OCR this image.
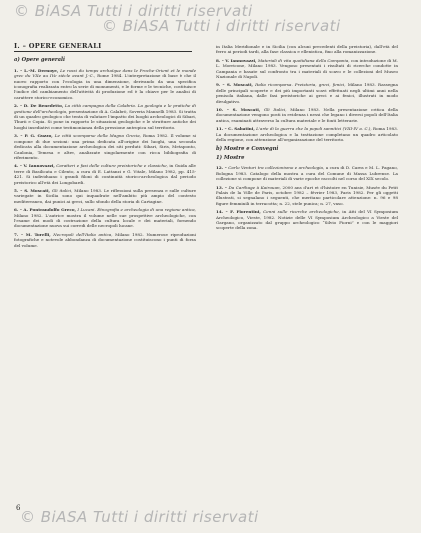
© BiASA Tutti i diritti riservati
© BiASA Tutti i diritti riservati
I. – OPERE GENERALI
a) Opere generali
1. – L.-M. Dernoye, Le rossi du temps archaïque dans le Proche-Orient et le monde grec du VIIe au IVe siècle avant J.-C., Rome 1984. L'interpretazione di base è che il nuovo rapporto con l'ecologia in una dimensione, derivando da una specifica iconografia realizzata entro la serie di monumenti, e le forme e le tecniche, costituisce l'indice del cambiamento dell'attività di produzione ed è la chiave per le analisi di carattere storico-economico.
2. – D. De Benedetto, La città campagna della Calabria. La geologia e le pratiche di gestione dell'archeologia, presentazione di A. Calabrò, Soveria Mannelli 1983. Si tratta di un quadro geologico che tenta di valutare l'impatto dei luoghi archeologici di Sibari, Thurii e Copia. Si pone in rapporto le situazioni geologiche e le strutture antiche dei luoghi insediativi come testimonianza della pressione antropica sul territorio.
3. – P. G. Guzzo, Le città scomparse della Magna Grecia, Roma 1982. Il volume si compone di due sezioni: una prima dedicata all'origine dei luoghi, una seconda dedicata alla documentazione archeologica dei siti perduti: Sibari, Siris, Metaponto, Caulonia, Temesa e altre, analizzate singolarmente con ricca bibliografia di riferimento.
4. – V. Iannovazzi, Caratteri e fasi delle culture preistoriche e classiche, in Guida alle terre di Basilicata e Cilento, a cura di E. Lattanzi e G. Vitale, Milano 1982, pp. 415-421. Si individuano i grandi filoni di continuità storico-archeologica dal periodo preistorico all'età dei Longobardi.
5. – S. Moscati, Gli italici, Milano 1983. Le riflessioni sulla presenza e sulle culture variegate in Sicilia sono qui inquadrate nell'ambito più ampio del contesto mediterraneo, dai punici ai greci, sullo sfondo della storia di Cartagine.
6. – A. Pontrandolfo Greco, I Lucani. Etnografia e archeologia di una regione antica, Milano 1982. L'autrice mostra il volume nelle sue prospettive archeologiche, con l'esame dei modi di costruzione della cultura locale e dei materiali, fornendo documentazione nuova sui corredi delle necropoli lucane.
7. – M. Torelli, Necropoli dell'Italia antica, Milano 1982. Numerose riproduzioni fotografiche e notevole abbondanza di documentazione costituiscono i punti di forza del volume.
in Italia Meridionale e in Sicilia (con alcuni precedenti della preistoria), dall'età del ferro ai periodi tardi, alla fase classica e ellenistica, fino alla romanizzazione.
8. – V. Iannovazzi, Materiali di vita quotidiana della Campania, con introduzione di M. L. Morricone, Milano 1983. Vengono presentati i risultati di ricerche condotte in Campania e basate sul confronto tra i materiali di scavo e le collezioni del Museo Nazionale di Napoli.
9. – S. Moscati, Italia ricomparsa. Preistoria, greci, fenici, Milano 1983. Rassegna delle principali scoperte e dei più importanti scavi effettuati negli ultimi anni nella penisola italiana, dalle fasi preistoriche ai greci e ai fenici, illustrati in modo divulgativo.
10. – S. Moscati, Gli Italici, Milano 1983. Nella presentazione critica della documentazione vengono posti in evidenza i nessi che legano i diversi popoli dell'Italia antica, esaminati attraverso la cultura materiale e le fonti letterarie.
11. – C. Sabatini, L'arte di la guerra che la popoli sannitici (VIII-IV a. C.), Roma 1983. La documentazione archeologica e la trattazione completano un quadro articolato della regione, con attenzione all'organizzazione del territorio.
b) Mostre e Convegni
1) Mostre
12. – Carlo Venturi tra collezionismo e archeologia, a cura di D. Carra e M. L. Pagano, Bologna 1983. Catalogo della mostra a cura del Comune di Massa Lubrense. La collezione si compone di materiali di varie epoche raccolti nel corso del XIX secolo.
13. – Da Carthage à Kairouan, 2000 ans d'art et d'histoire en Tunisie, Musée du Petit Palais de la Ville de Paris, octobre 1982 – février 1983, Paris 1982. Per gli oggetti illustrati, si segnalano i seguenti, che meritano particolare attenzione: n. 96 e 98 figure femminili in terracotta; n. 22, stele punica; n. 27, vaso.
14. – F. Fiorentini, Cenni sulle ricerche archeologiche, in Atti del VI Symposium Archeologico, Vieste, 1982. Notizie delle VI Symposium Archeologico a Vieste del Gargano, organizzato dal gruppo archeologico “Silvio Fiorni” e con le maggiori scoperte della zona.
6 © BiASA Tutti i diritti riservati
